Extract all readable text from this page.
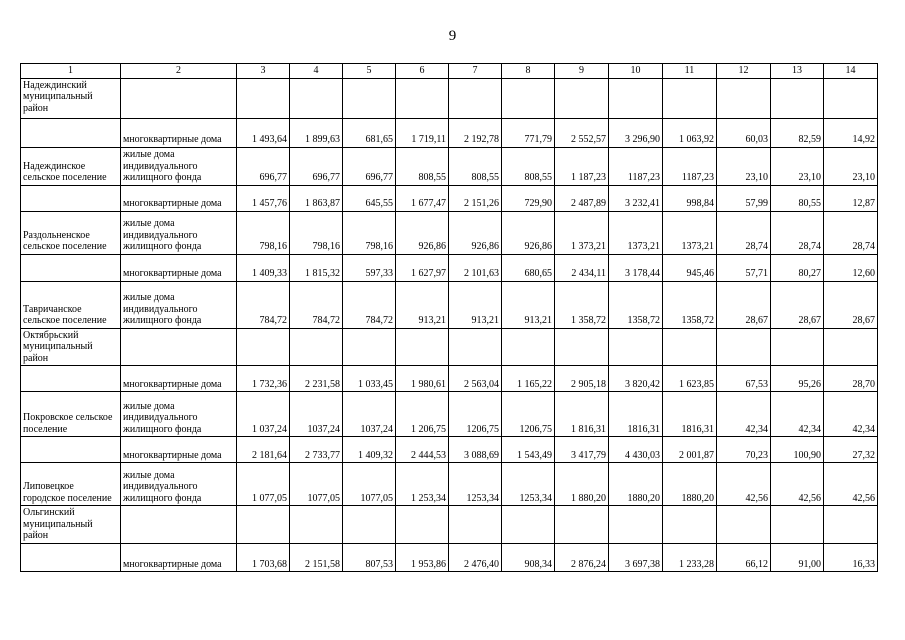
9
1	2	3	4	5	6	7	8	9	10	11	12	13	14
Надеждинский муниципальный район													
	многоквартирные дома	1 493,64	1 899,63	681,65	1 719,11	2 192,78	771,79	2 552,57	3 296,90	1 063,92	60,03	82,59	14,92
Надеждинское сельское поселение	жилые дома индивидуального жилищного фонда	696,77	696,77	696,77	808,55	808,55	808,55	1 187,23	1187,23	1187,23	23,10	23,10	23,10
	многоквартирные дома	1 457,76	1 863,87	645,55	1 677,47	2 151,26	729,90	2 487,89	3 232,41	998,84	57,99	80,55	12,87
Раздольненское сельское поселение	жилые дома индивидуального жилищного фонда	798,16	798,16	798,16	926,86	926,86	926,86	1 373,21	1373,21	1373,21	28,74	28,74	28,74
	многоквартирные дома	1 409,33	1 815,32	597,33	1 627,97	2 101,63	680,65	2 434,11	3 178,44	945,46	57,71	80,27	12,60
Тавричанское сельское поселение	жилые дома индивидуального жилищного фонда	784,72	784,72	784,72	913,21	913,21	913,21	1 358,72	1358,72	1358,72	28,67	28,67	28,67
Октябрьский муниципальный район													
	многоквартирные дома	1 732,36	2 231,58	1 033,45	1 980,61	2 563,04	1 165,22	2 905,18	3 820,42	1 623,85	67,53	95,26	28,70
Покровское сельское поселение	жилые дома индивидуального жилищного фонда	1 037,24	1037,24	1037,24	1 206,75	1206,75	1206,75	1 816,31	1816,31	1816,31	42,34	42,34	42,34
	многоквартирные дома	2 181,64	2 733,77	1 409,32	2 444,53	3 088,69	1 543,49	3 417,79	4 430,03	2 001,87	70,23	100,90	27,32
Липовецкое городское поселение	жилые дома индивидуального жилищного фонда	1 077,05	1077,05	1077,05	1 253,34	1253,34	1253,34	1 880,20	1880,20	1880,20	42,56	42,56	42,56
Ольгинский муниципальный район													
	многоквартирные дома	1 703,68	2 151,58	807,53	1 953,86	2 476,40	908,34	2 876,24	3 697,38	1 233,28	66,12	91,00	16,33
